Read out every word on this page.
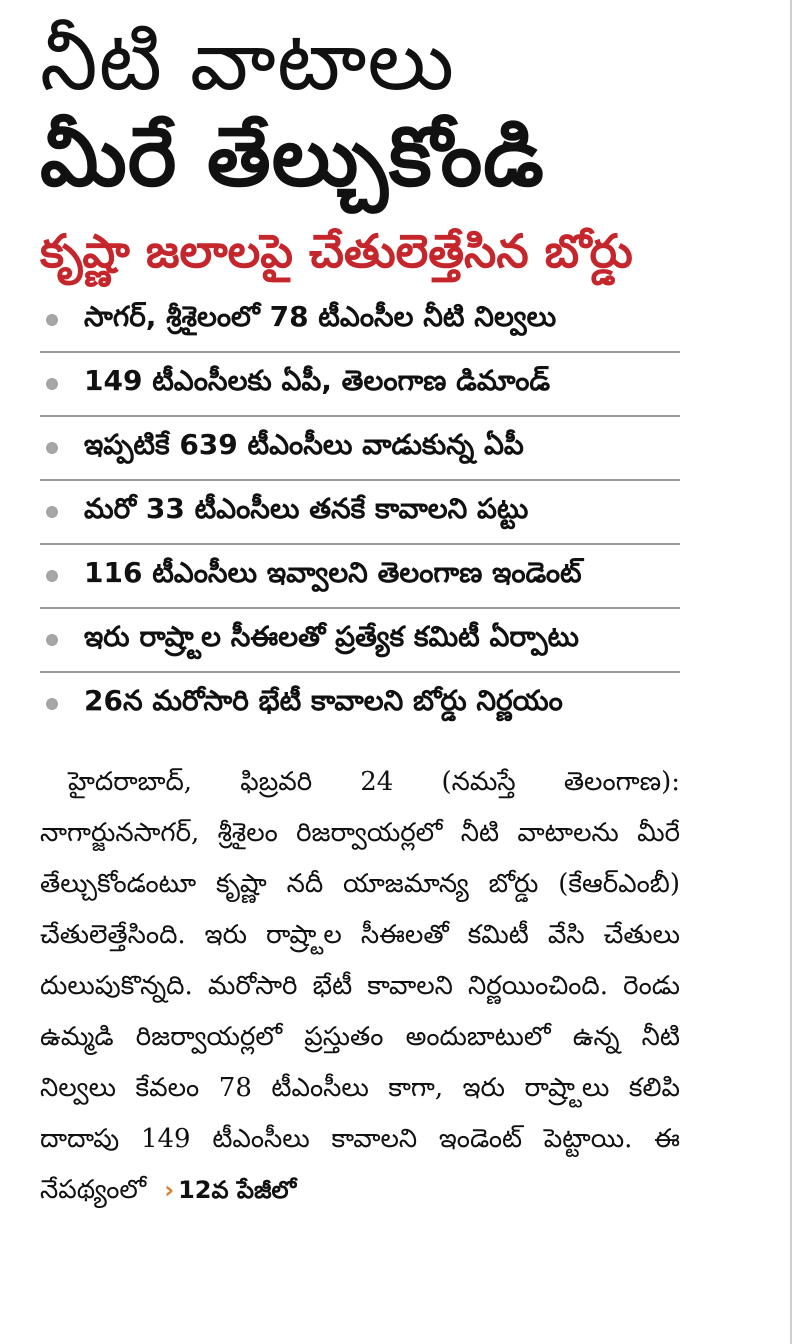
నీటి వాటాలు
మీరే తేల్చుకోండి
కృష్ణా జలాలపై చేతులెత్తేసిన బోర్డు
సాగర్, శ్రీశైలంలో 78 టీఎంసీల నీటి నిల్వలు
149 టీఎంసీలకు ఏపీ, తెలంగాణ డిమాండ్
ఇప్పటికే 639 టీఎంసీలు వాడుకున్న ఏపీ
మరో 33 టీఎంసీలు తనకే కావాలని పట్టు
116 టీఎంసీలు ఇవ్వాలని తెలంగాణ ఇండెంట్
ఇరు రాష్ర్టాల సీఈలతో ప్రత్యేక కమిటీ ఏర్పాటు
26న మరోసారి భేటీ కావాలని బోర్డు నిర్ణయం

హైదరాబాద్, ఫిబ్రవరి 24 (నమస్తే తెలంగాణ): నాగార్జునసాగర్, శ్రీశైలం రిజర్వాయర్లలో నీటి వాటాలను మీరే తేల్చుకోండంటూ కృష్ణా నదీ యాజమాన్య బోర్డు (కేఆర్ఎంబీ) చేతులెత్తేసింది. ఇరు రాష్ర్టాల సీఈలతో కమిటీ వేసి చేతులు దులుపుకొన్నది. మరోసారి భేటీ కావాలని నిర్ణయించింది. రెండు ఉమ్మడి రిజర్వాయర్లలో ప్రస్తుతం అందుబాటులో ఉన్న నీటి నిల్వలు కేవలం 78 టీఎంసీలు కాగా, ఇరు రాష్ర్టాలు కలిపి దాదాపు 149 టీఎంసీలు కావాలని ఇండెంట్ పెట్టాయి. ఈ నేపథ్యంలో › 12వ పేజీలో
